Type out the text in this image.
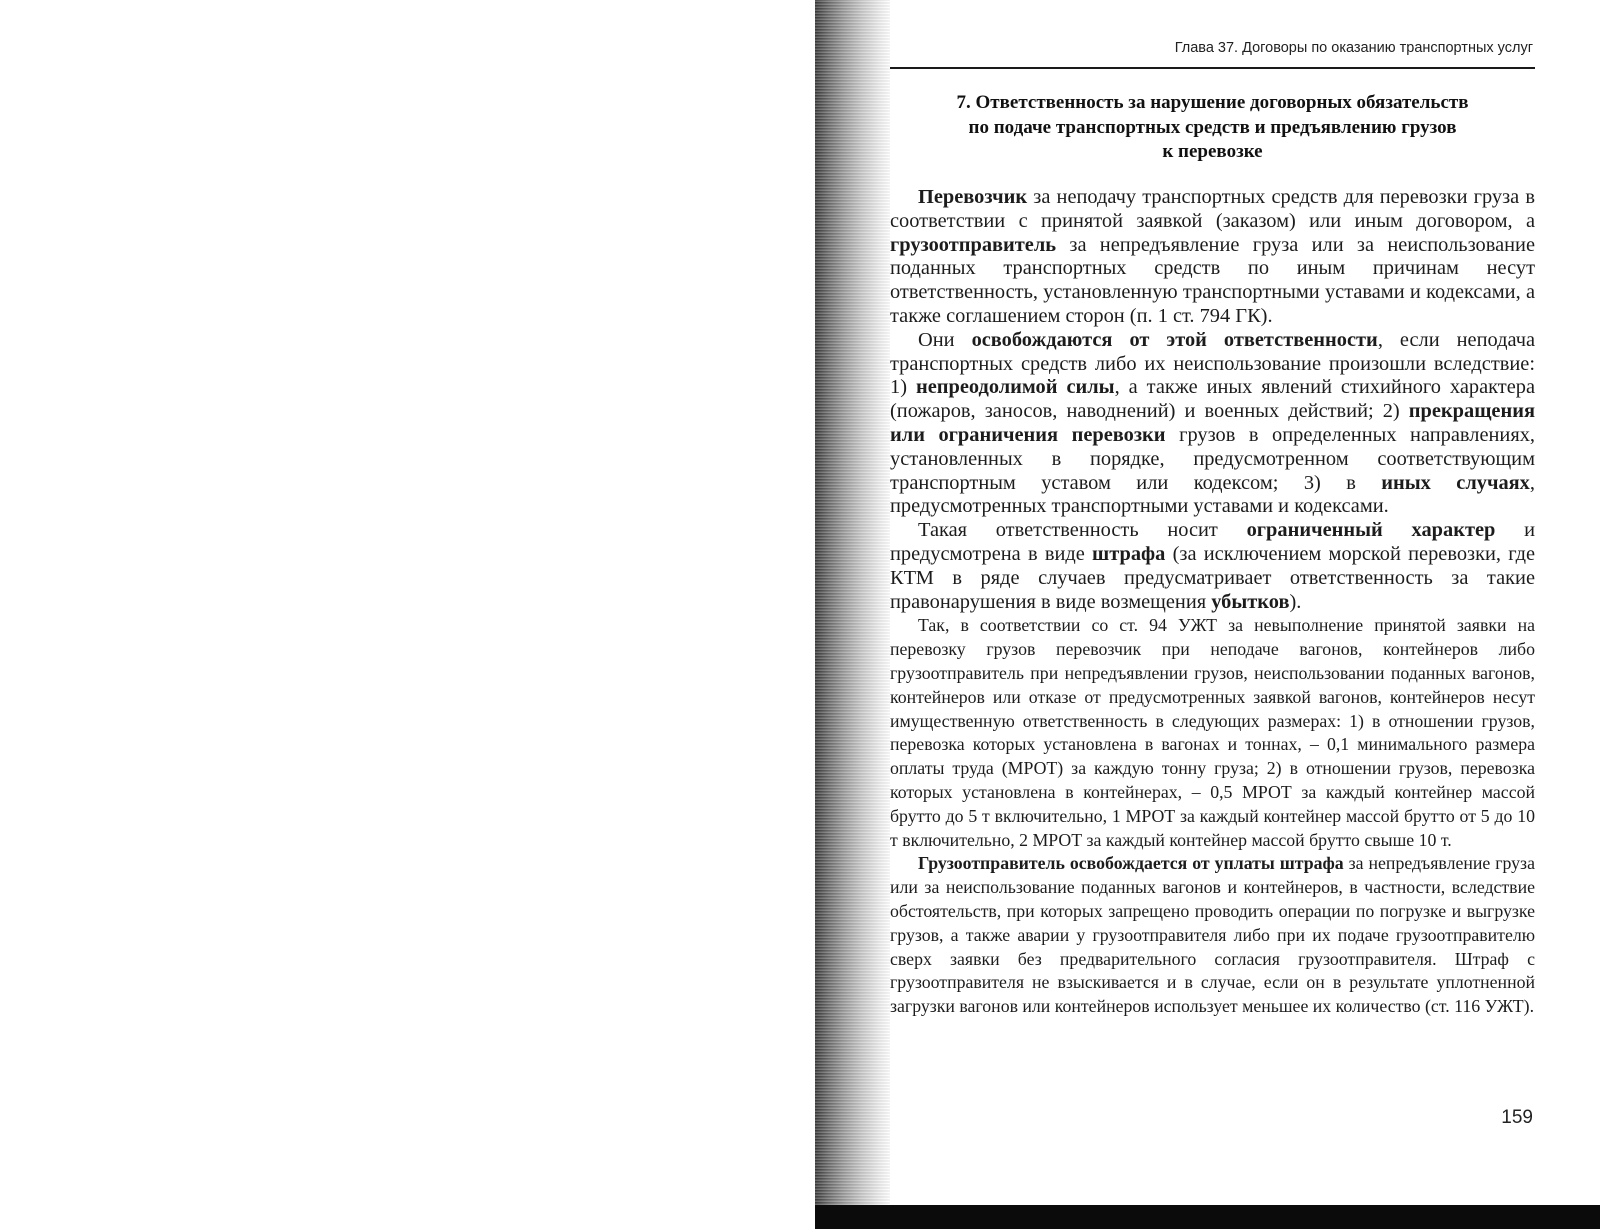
Глава 37. Договоры по оказанию транспортных услуг
7. Ответственность за нарушение договорных обязательств
по подаче транспортных средств и предъявлению грузов
к перевозке

Перевозчик за неподачу транспортных средств для перевозки груза в соответствии с принятой заявкой (заказом) или иным договором, а грузоотправитель за непредъявление груза или за неиспользование поданных транспортных средств по иным причинам несут ответственность, установленную транспортными уставами и кодексами, а также соглашением сторон (п. 1 ст. 794 ГК).

Они освобождаются от этой ответственности, если неподача транспортных средств либо их неиспользование произошли вследствие: 1) непреодолимой силы, а также иных явлений стихийного характера (пожаров, заносов, наводнений) и военных действий; 2) прекращения или ограничения перевозки грузов в определенных направлениях, установленных в порядке, предусмотренном соответствующим транспортным уставом или кодексом; 3) в иных случаях, предусмотренных транспортными уставами и кодексами.

Такая ответственность носит ограниченный характер и предусмотрена в виде штрафа (за исключением морской перевозки, где КТМ в ряде случаев предусматривает ответственность за такие правонарушения в виде возмещения убытков).

Так, в соответствии со ст. 94 УЖТ за невыполнение принятой заявки на перевозку грузов перевозчик при неподаче вагонов, контейнеров либо грузоотправитель при непредъявлении грузов, неиспользовании поданных вагонов, контейнеров или отказе от предусмотренных заявкой вагонов, контейнеров несут имущественную ответственность в следующих размерах: 1) в отношении грузов, перевозка которых установлена в вагонах и тоннах, – 0,1 минимального размера оплаты труда (МРОТ) за каждую тонну груза; 2) в отношении грузов, перевозка которых установлена в контейнерах, – 0,5 МРОТ за каждый контейнер массой брутто до 5 т включительно, 1 МРОТ за каждый контейнер массой брутто от 5 до 10 т включительно, 2 МРОТ за каждый контейнер массой брутто свыше 10 т.

Грузоотправитель освобождается от уплаты штрафа за непредъявление груза или за неиспользование поданных вагонов и контейнеров, в частности, вследствие обстоятельств, при которых запрещено проводить операции по погрузке и выгрузке грузов, а также аварии у грузоотправителя либо при их подаче грузоотправителю сверх заявки без предварительного согласия грузоотправителя. Штраф с грузоотправителя не взыскивается и в случае, если он в результате уплотненной загрузки вагонов или контейнеров использует меньшее их количество (ст. 116 УЖТ).

159
